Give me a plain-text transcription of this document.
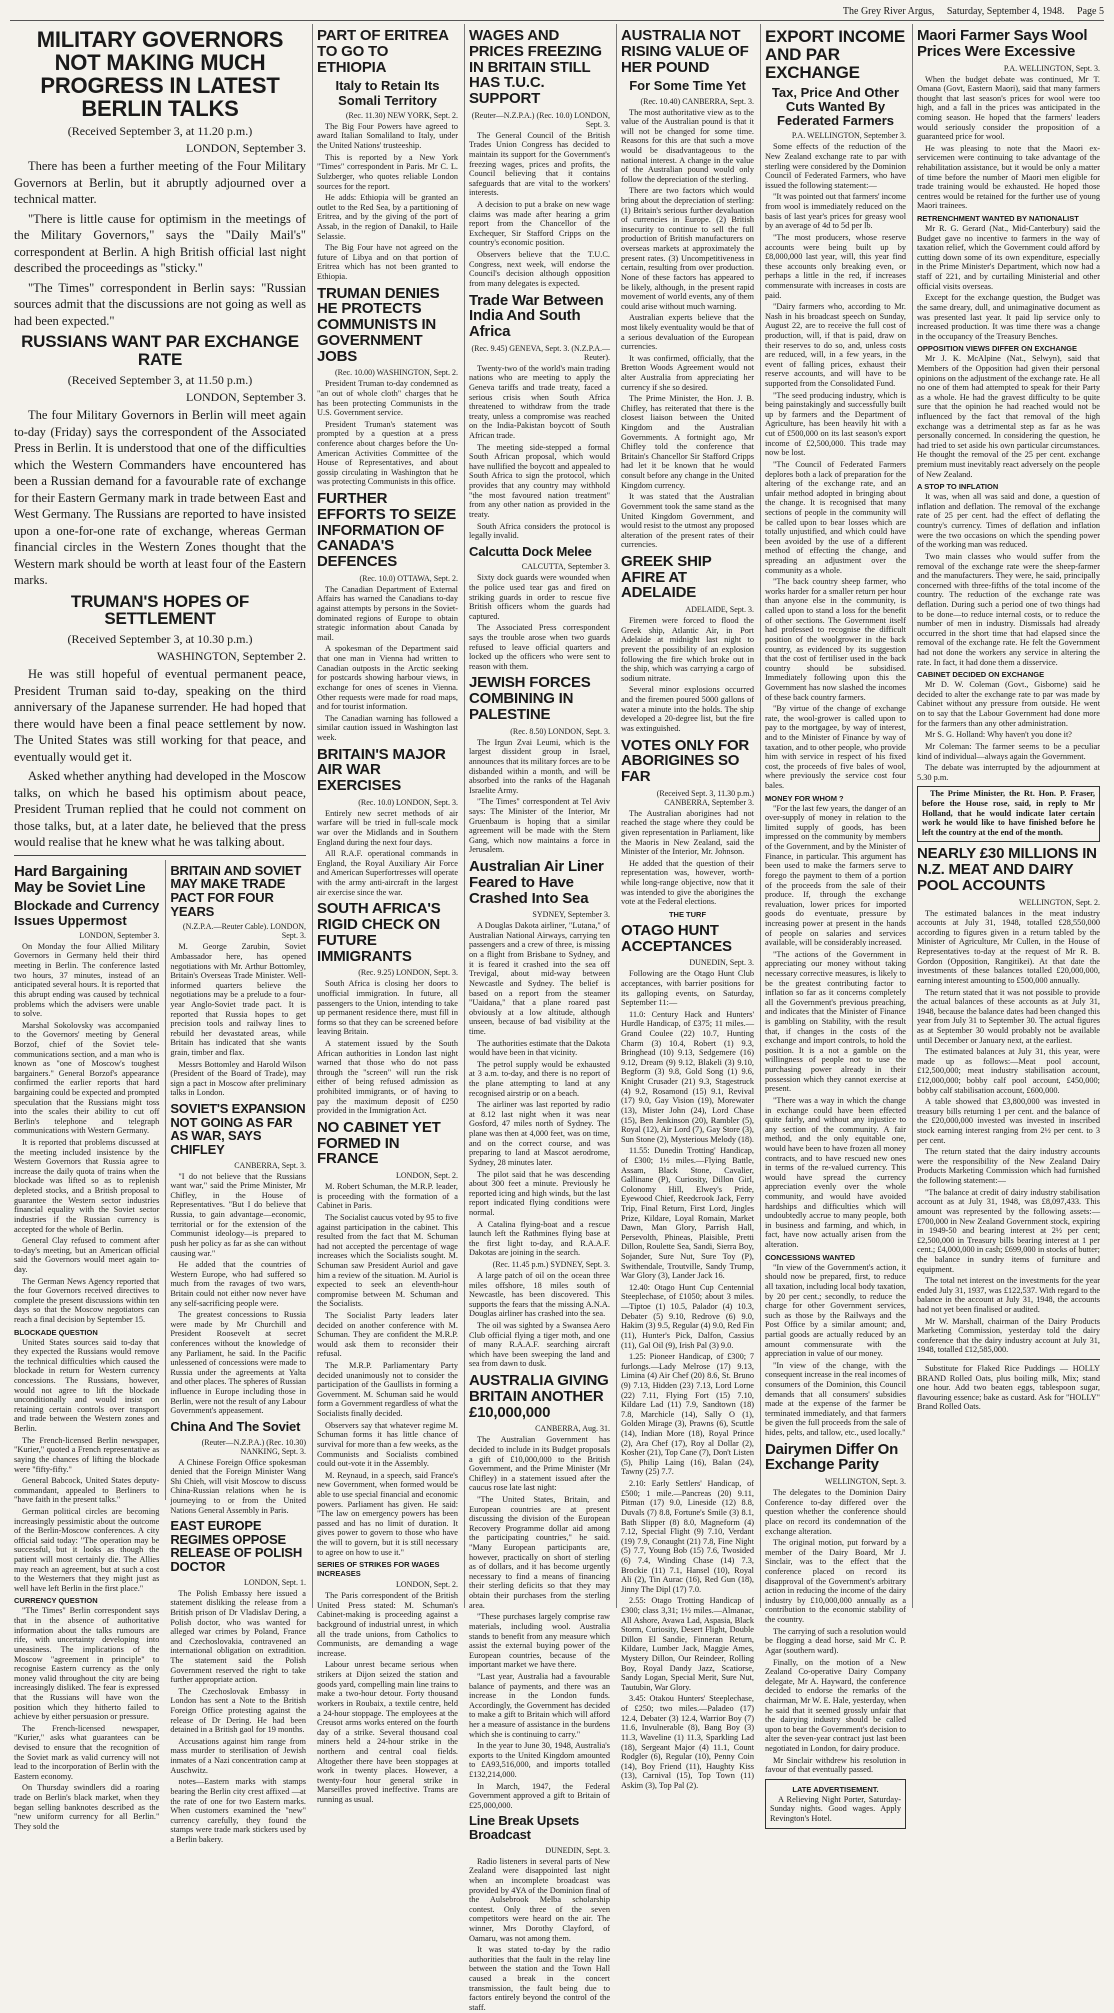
The Grey River Argus, Saturday, September 4, 1948. Page 5
MILITARY GOVERNORS NOT MAKING MUCH PROGRESS IN LATEST BERLIN TALKS
(Received September 3, at 11.20 p.m.)
LONDON, September 3.

There has been a further meeting of the Four Military Governors at Berlin, but it abruptly adjourned over a technical matter.

"There is little cause for optimism in the meetings of the Military Governors," says the "Daily Mail's" correspondent at Berlin. A high British official last night described the proceedings as "sticky."

"The Times" correspondent in Berlin says: "Russian sources admit that the discussions are not going as well as had been expected."

RUSSIANS WANT PAR EXCHANGE RATE
(Received September 3, at 11.50 p.m.)
LONDON, September 3.

The four Military Governors in Berlin will meet again to-day (Friday) says the correspondent of the Associated Press in Berlin. It is understood that one of the difficulties which the Western Commanders have encountered has been a Russian demand for a favourable rate of exchange for their Eastern Germany mark in trade between East and West Germany. The Russians are reported to have insisted upon a one-for-one rate of exchange, whereas German financial circles in the Western Zones thought that the Western mark should be worth at least four of the Eastern marks.

TRUMAN'S HOPES OF SETTLEMENT
(Received September 3, at 10.30 p.m.)
WASHINGTON, September 2.

He was still hopeful of eventual permanent peace, President Truman said to-day, speaking on the third anniversary of the Japanese surrender. He had hoped that there would have been a final peace settlement by now. The United States was still working for that peace, and eventually would get it.

Asked whether anything had developed in the Moscow talks, on which he based his optimism about peace, President Truman replied that he could not comment on those talks, but, at a later date, he believed that the press would realise that he knew what he was talking about.

Hard Bargaining May be Soviet Line
Blockade and Currency Issues Uppermost
LONDON, September 3.

On Monday the four Allied Military Governors in Germany held their third meeting in Berlin. The conference lasted two hours, 37 minutes, instead of an anticipated several hours. It is reported that this abrupt ending was caused by technical problems which the advisers were unable to solve.

Marshal Sokolovsky was accompanied to the Governors' meeting by General Borzof, chief of the Soviet tele-communications section, and a man who is known as "one of Moscow's toughest bargainers." General Borzof's appearance confirmed the earlier reports that hard bargaining could be expected and prompted speculation that the Russians might toss into the scales their ability to cut off Berlin's telephone and telegraph communications with Western Germany.

It is reported that problems discussed at the meeting included insistence by the Western Governors that Russia agree to increase the daily quota of trains when the blockade was lifted so as to replenish depleted stocks, and a British proposal to guarantee the Western sector industries financial equality with the Soviet sector industries if the Russian currency is accepted for the whole of Berlin.

General Clay refused to comment after to-day's meeting, but an American official said the Governors would meet again to-day.

The German News Agency reported that the four Governors received directives to complete the present discussions within ten days so that the Moscow negotiators can reach a final decision by September 15.

BLOCKADE QUESTION

United States sources said to-day that they expected the Russians would remove the technical difficulties which caused the blockade in return for Western currency concessions. The Russians, however, would not agree to lift the blockade unconditionally and would insist on retaining certain controls over transport and trade between the Western zones and Berlin.

The French-licensed Berlin newspaper, "Kurier," quoted a French representative as saying the chances of lifting the blockade were "fifty-fifty."

General Babcock, United States deputy-commandant, appealed to Berliners to "have faith in the present talks."

German political circles are becoming increasingly pessimistic about the outcome of the Berlin-Moscow conferences. A city official said today: "The operation may be successful, but it looks as though the patient will most certainly die. The Allies may reach an agreement, but at such a cost to the Westerners that they might just as well have left Berlin in the first place."

CURRENCY QUESTION

"The Times" Berlin correspondent says that in the absence of authoritative information about the talks rumours are rife, with uncertainty developing into uneasiness. The implications of the Moscow "agreement in principle" to recognise Eastern currency as the only money valid throughout the city are being increasingly disliked. The fear is expressed that the Russians will have won the position which they hitherto failed to achieve by either persuasion or pressure.

The French-licensed newspaper, "Kurier," asks what guarantees can be devised to ensure that the recognition of the Soviet mark as valid currency will not lead to the incorporation of Berlin with the Eastern economy.

On Thursday swindlers did a roaring trade on Berlin's black market, when they began selling banknotes described as the "new uniform currency for all Berlin." They sold the

BRITAIN AND SOVIET MAY MAKE TRADE PACT FOR FOUR YEARS
(N.Z.P.A.—Reuter Cable). LONDON, Sept. 3.

M. George Zarubin, Soviet Ambassador here, has opened negotiations with Mr. Arthur Bottomley, Britain's Overseas Trade Minister. Well-informed quarters believe the negotiations may be a prelude to a four-year Anglo-Soviet trade pact. It is reported that Russia hopes to get precision tools and railway lines to rebuild her devastated areas, while Britain has indicated that she wants grain, timber and flax.

Messrs Bottomley and Harold Wilson (President of the Board of Trade), may sign a pact in Moscow after preliminary talks in London.

SOVIET'S EXPANSION NOT GOING AS FAR AS WAR, SAYS CHIFLEY
CANBERRA, Sept. 3.

"I do not believe that the Russians want war," said the Prime Minister, Mr Chifley, in the House of Representatives. "But I do believe that Russia, to gain advantage—economic, territorial or for the extension of the Communist ideology—is prepared to push her policy as far as she can without causing war."

He added that the countries of Western Europe, who had suffered so much from the ravages of two wars, Britain could not either now never have any self-sacrificing people were.

The greatest concessions to Russia were made by Mr Churchill and President Roosevelt at secret conferences without the knowledge of any Parliament, he said. In the Pacific unlessened of concessions were made to Russia under the agreements at Yalta and other places. The spheres of Russian influence in Europe including those in Berlin, were not the result of any Labour Government's appeasement.

China And The Soviet
(Reuter—N.Z.P.A.) (Rec. 10.30) NANKING, Sept. 3.

A Chinese Foreign Office spokesman denied that the Foreign Minister Wang Shi Chieh, will visit Moscow to discuss China-Russian relations when he is journeying to or from the United Nations General Assembly in Paris.

EAST EUROPE REGIMES OPPOSE RELEASE OF POLISH DOCTOR
LONDON, Sept. 1.

The Polish Embassy here issued a statement disliking the release from a British prison of Dr Vladislav Dering, a Polish doctor, who was wanted for alleged war crimes by Poland, France and Czechoslovakia, contravened an international obligation on extradition. The statement said the Polish Government reserved the right to take further appropriate action.

The Czechoslovak Embassy in London has sent a Note to the British Foreign Office protesting against the release of Dr Dering. He had been detained in a British gaol for 19 months.

Accusations against him range from mass murder to sterilisation of Jewish inmates of a Nazi concentration camp at Auschwitz.

notes—Eastern marks with stamps bearing the Berlin city crest affixed —at the rate of one for two Eastern marks. When customers examined the "new" currency carefully, they found the stamps were trade mark stickers used by a Berlin bakery.

PART OF ERITREA TO GO TO ETHIOPIA
Italy to Retain Its Somali Territory
(Rec. 11.30) NEW YORK, Sept. 2.

The Big Four Powers have agreed to award Italian Somaliland to Italy, under the United Nations' trusteeship.

This is reported by a New York "Times" correspondent in Paris. Mr C. L. Sulzberger, who quotes reliable London sources for the report.

He adds: Ethiopia will be granted an outlet to the Red Sea, by a partitioning of Eritrea, and by the giving of the port of Assab, in the region of Danakil, to Haile Selassie.

The Big Four have not agreed on the future of Libya and on that portion of Eritrea which has not been granted to Ethiopia.

TRUMAN DENIES HE PROTECTS COMMUNISTS IN GOVERNMENT JOBS
(Rec. 10.00) WASHINGTON, Sept. 2.

President Truman to-day condemned as "an out of whole cloth" charges that he has been protecting Communists in the U.S. Government service.

President Truman's statement was prompted by a question at a press conference about charges before the Un-American Activities Committee of the House of Representatives, and about gossip circulating in Washington that he was protecting Communists in this office.

FURTHER EFFORTS TO SEIZE INFORMATION OF CANADA'S DEFENCES
(Rec. 10.0) OTTAWA, Sept. 2.

The Canadian Department of External Affairs has warned the Canadians to-day against attempts by persons in the Soviet-dominated regions of Europe to obtain strategic information about Canada by mail.

A spokesman of the Department said that one man in Vienna had written to Canadian outposts in the Arctic seeking for postcards showing harbour views, in exchange for ones of scenes in Vienna. Other requests were made for road maps, and for tourist information.

The Canadian warning has followed a similar caution issued in Washington last week.

BRITAIN'S MAJOR AIR WAR EXERCISES
(Rec. 10.0) LONDON, Sept. 3.

Entirely new secret methods of air warfare will be tried in full-scale mock war over the Midlands and in Southern England during the next four days.

All R.A.F. operational commands in England, the Royal Auxiliary Air Force and American Superfortresses will operate with the army anti-aircraft in the largest air exercise since the war.

SOUTH AFRICA'S RIGID CHECK ON FUTURE IMMIGRANTS
(Rec. 9.25) LONDON, Sept. 3.

South Africa is closing her doors to unofficial immigration. In future, all passengers to the Union, intending to take up permanent residence there, must fill in forms so that they can be screened before leaving Britain.

A statement issued by the South African authorities in London last night warned that those who do not pass through the "screen" will run the risk either of being refused admission as prohibited immigrants, or of having to pay the maximum deposit of £250 provided in the Immigration Act.

NO CABINET YET FORMED IN FRANCE
LONDON, Sept. 2.

M. Robert Schuman, the M.R.P. leader, is proceeding with the formation of a Cabinet in Paris.

The Socialist caucus voted by 95 to five against participation in the cabinet. This resulted from the fact that M. Schuman had not accepted the percentage of wage increases which the Socialists sought. M. Schuman saw President Auriol and gave him a review of the situation. M. Auriol is expected to seek an eleventh-hour compromise between M. Schuman and the Socialists.

The Socialist Party leaders later decided on another conference with M. Schuman. They are confident the M.R.P. would ask them to reconsider their refusal.

The M.R.P. Parliamentary Party decided unanimously not to consider the participation of the Gaullists in forming a Government. M. Schuman said he would form a Government regardless of what the Socialists finally decided.

Observers say that whatever regime M. Schuman forms it has little chance of survival for more than a few weeks, as the Communists and Socialists combined could out-vote it in the Assembly.

M. Reynaud, in a speech, said France's new Government, when formed would be able to use special financial and economic powers. Parliament has given. He said: "The law on emergency powers has been passed and has no limit of duration. It gives power to govern to those who have the will to govern, but it is still necessary to agree on how to use it."

SERIES OF STRIKES FOR WAGES INCREASES
LONDON, Sept. 2.

The Paris correspondent of the British United Press stated: M. Schuman's Cabinet-making is proceeding against a background of industrial unrest, in which all the trade unions, from Catholics to Communists, are demanding a wage increase.

Labour unrest became serious when strikers at Dijon seized the station and goods yard, compelling main line trains to make a two-hour detour. Forty thousand workers in Roubaix, a textile centre, held a 24-hour stoppage. The employees at the Creusot arms works entered on the fourth day of a strike. Several thousand coal miners held a 24-hour strike in the northern and central coal fields. Altogether there have been stoppages at work in twenty places. However, a twenty-four hour general strike in Marseilles proved ineffective. Trams are running as usual.

WAGES AND PRICES FREEZING IN BRITAIN STILL HAS T.U.C. SUPPORT
(Reuter—N.Z.P.A.) (Rec. 10.0) LONDON, Sept. 3.

The General Council of the British Trades Union Congress has decided to maintain its support for the Government's freezing wages, prices and profits, the Council believing that it contains safeguards that are vital to the workers' interests.

A decision to put a brake on new wage claims was made after hearing a grim report from the Chancellor of the Exchequer, Sir Stafford Cripps on the country's economic position.

Observers believe that the T.U.C. Congress, next week, will endorse the Council's decision although opposition from many delegates is expected.

Trade War Between India And South Africa
(Rec. 9.45) GENEVA, Sept. 3. (N.Z.P.A.—Reuter).

Twenty-two of the world's main trading nations who are meeting to apply the Geneva tariffs and trade treaty, faced a serious crisis when South Africa threatened to withdraw from the trade treaty, unless a compromise was reached on the India-Pakistan boycott of South African trade.

The meeting side-stepped a formal South African proposal, which would have nullified the boycott and appealed to South Africa to sign the protocol, which provides that any country may withhold "the most favoured nation treatment" from any other nation as provided in the treaty.

South Africa considers the protocol is legally invalid.

Calcutta Dock Melee
CALCUTTA, September 3.

Sixty dock guards were wounded when the police used tear gas and fired on striking guards in order to rescue five British officers whom the guards had captured.

The Associated Press correspondent says the trouble arose when two guards refused to leave official quarters and locked up the officers who were sent to reason with them.

JEWISH FORCES COMBINING IN PALESTINE
(Rec. 8.50) LONDON, Sept. 3.

The Irgun Zvai Leumi, which is the largest dissident group in Israel, announces that its military forces are to be disbanded within a month, and will be absorbed into the ranks of the Haganah Israelite Army.

"The Times" correspondent at Tel Aviv says: The Minister of the Interior, Mr Gruenbaum is hoping that a similar agreement will be made with the Stern Gang, which now maintains a force in Jerusalem.

Australian Air Liner Feared to Have Crashed Into Sea
SYDNEY, September 3.

A Douglas Dakota airliner, "Lutana," of Australian National Airways, carrying ten passengers and a crew of three, is missing on a flight from Brisbane to Sydney, and it is feared it crashed into the sea off Trevigal, about mid-way between Newcastle and Sydney. The belief is based on a report from the steamer "Uaidana," that a plane roared past obviously at a low altitude, although unseen, because of bad visibility at the time.

The authorities estimate that the Dakota would have been in that vicinity.

The petrol supply would be exhausted at 3 a.m. to-day, and there is no report of the plane attempting to land at any recognised airstrip or on a beach.

The airliner was last reported by radio at 8.12 last night when it was near Gosford, 47 miles north of Sydney. The plane was then at 4,000 feet, was on time, and on the correct course, and was preparing to land at Mascot aerodrome, Sydney, 28 minutes later.

The pilot said that he was descending about 300 feet a minute. Previously he reported icing and high winds, but the last report indicated flying conditions were normal.

A Catalina flying-boat and a rescue launch left the Rathmines flying base at the first light to-day, and R.A.A.F. Dakotas are joining in the search.

(Rec. 11.45 p.m.) SYDNEY, Sept. 3.

A large patch of oil on the ocean three miles offshore, 18 miles south of Newcastle, has been discovered. This supports the fears that the missing A.N.A. Douglas airliner has crashed into the sea.

The oil was sighted by a Swansea Aero Club official flying a tiger moth, and one of many R.A.A.F. searching aircraft which have been sweeping the land and sea from dawn to dusk.

AUSTRALIA GIVING BRITAIN ANOTHER £10,000,000
CANBERRA, Aug. 31.

The Australian Government has decided to include in its Budget proposals a gift of £10,000,000 to the British Government, and the Prime Minister (Mr Chifley) in a statement issued after the caucus rose late last night:

"The United States, Britain, and European countries are at present discussing the division of the European Recovery Programme dollar aid among the participating countries," he said. "Many European participants are, however, practically on short of sterling as of dollars, and it has become urgently necessary to find a means of financing their sterling deficits so that they may obtain their purchases from the sterling area.

"These purchases largely comprise raw materials, including wool. Australia stands to benefit from any measure which assist the external buying power of the European countries, because of the important market we have there.

"Last year, Australia had a favourable balance of payments, and there was an increase in the London funds. Accordingly, the Government has decided to make a gift to Britain which will afford her a measure of assistance in the burdens which she is continuing to carry."

In the year to June 30, 1948, Australia's exports to the United Kingdom amounted to £A93,516,000, and imports totalled £132,214,000.

In March, 1947, the Federal Government approved a gift to Britain of £25,000,000.

Line Break Upsets Broadcast
DUNEDIN, Sept. 3.

Radio listeners in several parts of New Zealand were disappointed last night when an incomplete broadcast was provided by 4YA of the Dominion final of the Aulsebrook Melba scholarship contest. Only three of the seven competitors were heard on the air. The winner, Mrs Dorothy Clayford, of Oamaru, was not among them.

It was stated to-day by the radio authorities that the fault in the relay line between the station and the Town Hall caused a break in the concert transmission, the fault being due to factors entirely beyond the control of the staff.

AUSTRALIA NOT RISING VALUE OF HER POUND
For Some Time Yet
(Rec. 10.40) CANBERRA, Sept. 3.

The most authoritative view as to the value of the Australian pound is that it will not be changed for some time. Reasons for this are that such a move would be disadvantageous to the national interest. A change in the value of the Australian pound would only follow the depreciation of the sterling.

There are two factors which would bring about the depreciation of sterling: (1) Britain's serious further devaluation of currencies in Europe. (2) British insecurity to continue to sell the full production of British manufacturers on overseas markets at approximately the present rates. (3) Uncompetitiveness in certain, resulting from over production. None of these factors has appeared to be likely, although, in the present rapid movement of world events, any of them could arise without much warning.

Australian experts believe that the most likely eventuality would be that of a serious devaluation of the European currencies.

It was confirmed, officially, that the Bretton Woods Agreement would not alter Australia from appreciating her currency if she so desired.

The Prime Minister, the Hon. J. B. Chifley, has reiterated that there is the closest liaison between the United Kingdom and the Australian Governments. A fortnight ago, Mr Chifley told the conference that Britain's Chancellor Sir Stafford Cripps had let it be known that he would consult before any change in the United Kingdom currency.

It was stated that the Australian Government took the same stand as the United Kingdom Government, and would resist to the utmost any proposed alteration of the present rates of their currencies.

GREEK SHIP AFIRE AT ADELAIDE
ADELAIDE, Sept. 3.

Firemen were forced to flood the Greek ship, Atlantic Air, in Port Adelaide at midnight last night to prevent the possibility of an explosion following the fire which broke out in the ship, which was carrying a cargo of sodium nitrate.

Several minor explosions occurred and the firemen poured 5000 gallons of water a minute into the holds. The ship developed a 20-degree list, but the fire was extinguished.

VOTES ONLY FOR ABORIGINES SO FAR
(Received Sept. 3, 11.30 p.m.) CANBERRA, September 3.

The Australian aborigines had not reached the stage where they could be given representation in Parliament, like the Maoris in New Zealand, said the Minister of the Interior, Mr. Johnson.

He added that the question of their representation was, however, worth-while long-range objective, now that it was intended to give the aborigines the vote at the Federal elections.

THE TURF
OTAGO HUNT ACCEPTANCES
DUNEDIN, Sept. 3.

Following are the Otago Hunt Club acceptances, with barrier positions for its galloping events, on Saturday, September 11:—

11.0: Century Hack and Hunters' Hurdle Handicap, of £375; 11 miles.—Grand Coulee (22) 10.7, Hunting Charm (3) 10.4, Robert (1) 9.3, Bringhead (10) 9.13, Sedgemere (16) 9.12, Dream (9) 9.12, Blakeli (3) 9.10, Begform (3) 9.8, Gold Song (1) 9.6, Knight Crusader (21) 9.3, Stagestruck (4) 9.2, Rosamond (15) 9.1, Revival (17) 9.0, Gay Vision (19), Morewater (13), Mister John (24), Lord Chase (15), Ben Jenkinson (20), Rambler (5), Royal (12), Air Lord (7), Gay Store (3), Sun Stone (2), Mysterious Melody (18).

11.55: Dunedin Trotting' Handicap, of £300; 1½ miles.—Flying Battle, Assam, Black Stone, Cavalier, Gallinane (P), Curiosity, Dillon Girl, Colonomy Hill, Elwey's Pride, Eyewood Chief, Reedcrook Jack, Ferry Trip, Final Return, First Lord, Jingles Prize, Kildare, Loyal Romain, Market Dawn, Man Glory, Parrish Hall, Persevolth, Phineas, Plaisible, Pretti Dillon, Roulette Sea, Sandi, Sierra Boy, Sojander, Sure Nut, Sure Toy (P), Swithendale, Troutville, Sandy Trump, War Glory (3), Lander Jack 16.

12.40: Otago Hunt Cup Centennial Steeplechase, of £1050; about 3 miles.—Tiptoe (1) 10.5, Palador (4) 10.3, Debater (5) 9.10, Redrove (6) 9.0, Hakim (3) 9.5, Regular (4) 9.0, Red Fin (11), Hunter's Pick, Dalfon, Cassius (11), Gal Oil (9), Irish Pal (3) 9.0.

1.25: Pioneer Handicap, of £300; 7 furlongs.—Lady Melrose (17) 9.13, Limina (4) Air Chef (20) 8.6, St. Bruno (9) 7.13, Hidden (23) 7.13, Lord Lorne (22) 7.11, Flying Fort (15) 7.10, Kildare Lad (11) 7.9, Sandtown (18) 7.8, Marchicle (14), Sally O (1), Golden Mirage (3), Prawns (6), Scuttle (14), Indian More (18), Royal Prince (2), Ara Chef (17), Roy al Dollar (2), Kosher (21), Top Cane (7), Don't Listen (5), Philip Laing (16), Balan (24), Tawny (25) 7.7.

2.10: Early Settlers' Handicap, of £500; 1 mile.—Pancreas (20) 9.11, Pitman (17) 9.0, Lineside (12) 8.8, Duvals (7) 8.8, Fortune's Smile (3) 8.1, Bath Slipper (8) 8.0, Magneform (4) 7.12, Special Flight (9) 7.10, Verdant (19) 7.9, Conaught (21) 7.8, Fine Night (5) 7.7, Young Bob (15) 7.6, Twosided (6) 7.4, Winding Chase (14) 7.3, Brockie (11) 7.1, Hansel (10), Royal Ali (2), Tin Aurac (16), Red Gun (18), Jinny The Dipl (17) 7.0.

2.55: Otago Trotting Handicap of £300; class 3,31; 1½ miles.—Almanac, All Ashore, Avawa Lad, Aspasia, Black Storm, Curiosity, Desert Flight, Double Dillon El Sandie, Finneran Return, Kildare, Lumber Jack, Maggie Ames, Mystery Dillon, Our Reindeer, Rolling Boy, Royal Dandy Jazz, Scatiorse, Sandy Logan, Special Merit, Sure Nut, Tautubin, War Glory.

3.45: Otakou Hunters' Steeplechase, of £250; two miles.—Paladeo (17) 12.4, Debater (3) 12.4, Warrior Boy (7) 11.6, Invulnerable (8), Bang Boy (3) 11.3, Waveline (1) 11.3, Sparkling Lad (18), Sergeant Major (4) 11.1, Count Rodgler (6), Regular (10), Penny Coin (14), Boy Friend (11), Haughty Kiss (13), Carnival (15), Top Town (11) Askim (3), Top Pal (2).

EXPORT INCOME AND PAR EXCHANGE
Tax, Price And Other Cuts Wanted By Federated Farmers
P.A. WELLINGTON, September 3.

Some effects of the reduction of the New Zealand exchange rate to par with sterling were considered by the Dominion Council of Federated Farmers, who have issued the following statement:—

"It was pointed out that farmers' income from wool is immediately reduced on the basis of last year's prices for greasy wool by an average of 4d to 5d per lb.

"The most producers, whose reserve accounts were being built up by £8,000,000 last year, will, this year find these accounts only breaking even, or perhaps a little in the red, if increases commensurate with increases in costs are paid.

"Dairy farmers who, according to Mr. Nash in his broadcast speech on Sunday, August 22, are to receive the full cost of production, will, if that is paid, draw on their reserves to do so, and, unless costs are reduced, will, in a few years, in the event of falling prices, exhaust their reserve accounts, and will have to be supported from the Consolidated Fund.

"The seed producing industry, which is being painstakingly and successfully built up by farmers and the Department of Agriculture, has been heavily hit with a cut of £500,000 on its last season's export income of £2,500,000. This trade may now be lost.

"The Council of Federated Farmers deplores both a lack of preparation for the altering of the exchange rate, and an unfair method adopted in bringing about the change. It is recognised that many sections of people in the community will be called upon to bear losses which are totally unjustified, and which could have been avoided by the use of a different method of effecting the change, and spreading an adjustment over the community as a whole.

"The back country sheep farmer, who works harder for a smaller return per hour than anyone else in the community, is called upon to stand a loss for the benefit of other sections. The Government itself had professed to recognise the difficult position of the woolgrower in the back country, as evidenced by its suggestion that the cost of fertiliser used in the back country should be subsidised. Immediately following upon this the Government has now slashed the incomes of these back country farmers.

"By virtue of the change of exchange rate, the wool-grower is called upon to pay to the mortgagee, by way of interest, and to the Minister of Finance by way of taxation, and to other people, who provide him with service in respect of his fixed cost, the proceeds of five bales of wool, where previously the service cost four bales.

MONEY FOR WHOM ?

"For the last few years, the danger of an over-supply of money in relation to the limited supply of goods, has been impressed on the community by members of the Government, and by the Minister of Finance, in particular. This argument has been used to make the farmers serve to forego the payment to them of a portion of the proceeds from the sale of their produce. If, through the exchange revaluation, lower prices for imported goods do eventuate, pressure by increasing power at present in the hands of people on salaries and services available, will be considerably increased.

"The actions of the Government in appreciating our money without taking necessary corrective measures, is likely to be the greatest contributing factor to inflation so far as it concerns completely all the Government's previous preaching, and indicates that the Minister of Finance is gambling on Stability, with the result that, if changes in the costs of the exchange and import controls, to hold the position. It is a not a gamble on the willingness of people not to use the purchasing power already in their possession which they cannot exercise at present.

"There was a way in which the change in exchange could have been effected quite fairly, and without any injustice to any section of the community. A fair method, and the only equitable one, would have been to have frozen all money contracts, and to have rescued new ones in terms of the re-valued currency. This would have spread the currency appreciation evenly over the whole community, and would have avoided hardships and difficulties which will undoubtedly accrue to many people, both in business and farming, and which, in fact, have now actually arisen from the alteration.

CONCESSIONS WANTED

"In view of the Government's action, it should now be prepared, first, to reduce all taxation, including local body taxation, by 20 per cent.; secondly, to reduce the charge for other Government services, such as those by the Railways and the Post Office by a similar amount; and, partial goods are actually reduced by an amount commensurate with the appreciation in value of our money.

"In view of the change, with the consequent increase in the real incomes of consumers of the Dominion, this Council demands that all consumers' subsidies made at the expense of the farmer be terminated immediately, and that farmers be given the full proceeds from the sale of hides, pelts, and tallow, etc., used locally."

Dairymen Differ On Exchange Parity
WELLINGTON, Sept. 3.

The delegates to the Dominion Dairy Conference to-day differed over the question whether the conference should place on record its condemnation of the exchange alteration.

The original motion, put forward by a member of the Dairy Board, Mr J. Sinclair, was to the effect that the conference placed on record its disapproval of the Government's arbitrary action in reducing the income of the dairy industry by £10,000,000 annually as a contribution to the economic stability of the country.

The carrying of such a resolution would be flogging a dead horse, said Mr C. P. Agar (southern ward).

Finally, on the motion of a New Zealand Co-operative Dairy Company delegate, Mr A. Hayward, the conference decided to endorse the remarks of the chairman, Mr W. E. Hale, yesterday, when he said that it seemed grossly unfair that the dairying industry should be called upon to bear the Government's decision to alter the seven-year contract just last been negotiated in London, for dairy produce.

Mr Sinclair withdrew his resolution in favour of that eventually passed.

LATE ADVERTISEMENT.

A Relieving Night Porter, Saturday-Sunday nights. Good wages. Apply Revington's Hotel.

Maori Farmer Says Wool Prices Were Excessive
P.A. WELLINGTON, Sept. 3.

When the budget debate was continued, Mr T. Omana (Govt, Eastern Maori), said that many farmers thought that last season's prices for wool were too high, and a fall in the prices was anticipated in the coming season. He hoped that the farmers' leaders would seriously consider the proposition of a guaranteed price for wool.

He was pleasing to note that the Maori ex-servicemen were continuing to take advantage of the rehabilitation assistance, but it would be only a matter of time before the number of Maori men eligible for trade training would be exhausted. He hoped those centres would be retained for the further use of young Maori trainees.

RETRENCHMENT WANTED BY NATIONALIST

Mr R. G. Gerard (Nat., Mid-Canterbury) said the Budget gave no incentive to farmers in the way of taxation relief, which the Government could afford by cutting down some of its own expenditure, especially in the Prime Minister's Department, which now had a staff of 221, and by curtailing Ministerial and other official visits overseas.

Except for the exchange question, the Budget was the same dreary, dull, and unimaginative document as was presented last year. It paid lip service only to increased production. It was time there was a change in the occupancy of the Treasury Benches.

OPPOSITION VIEWS DIFFER ON EXCHANGE

Mr J. K. McAlpine (Nat., Selwyn), said that Members of the Opposition had given their personal opinions on the adjustment of the exchange rate. He all no one of them had attempted to speak for their Party as a whole. He had the gravest difficulty to be quite sure that the opinion he had reached would not be influenced by the fact that removal of the high exchange was a detrimental step as far as he was personally concerned. In considering the question, he had tried to set aside his own particular circumstances. He thought the removal of the 25 per cent. exchange premium must inevitably react adversely on the people of New Zealand.

A STOP TO INFLATION

It was, when all was said and done, a question of inflation and deflation. The removal of the exchange rate of 25 per cent. had the effect of deflating the country's currency. Times of deflation and inflation were the two occasions on which the spending power of the working man was reduced.

Two main classes who would suffer from the removal of the exchange rate were the sheep-farmer and the manufacturers. They were, he said, principally concerned with three-fifths of the total income of the country. The reduction of the exchange rate was deflation. During such a period one of two things had to be done—to reduce internal costs, or to reduce the number of men in industry. Dismissals had already occurred in the short time that had elapsed since the removal of the exchange rate. He felt the Government had not done the workers any service in altering the rate. In fact, it had done them a disservice.

CABINET DECIDED ON EXCHANGE

Mr D. W. Coleman (Govt., Gisborne) said he decided to alter the exchange rate to par was made by Cabinet without any pressure from outside. He went on to say that the Labour Government had done more for the farmers than any other administration.

Mr S. G. Holland: Why haven't you done it?

Mr Coleman: The farmer seems to be a peculiar kind of individual—always again the Government.

The debate was interrupted by the adjournment at 5.30 p.m.

The Prime Minister, the Rt. Hon. P. Fraser, before the House rose, said, in reply to Mr Holland, that he would indicate later certain work he would like to have finished before he left the country at the end of the month.

NEARLY £30 MILLIONS IN N.Z. MEAT AND DAIRY POOL ACCOUNTS
WELLINGTON, Sept. 2.

The estimated balances in the meat industry accounts at July 31, 1948, totalled £28,550,000 according to figures given in a return tabled by the Minister of Agriculture, Mr Cullen, in the House of Representatives to-day at the request of Mr R. B. Gordon (Opposition, Rangitikei). At that date the investments of these balances totalled £20,000,000, earning interest amounting to £500,000 annually.

The return stated that it was not possible to provide the actual balances of these accounts as at July 31, 1948, because the balance dates had been changed this year from July 31 to September 30. The actual figures as at September 30 would probably not be available until December or January next, at the earliest.

The estimated balances at July 31, this year, were made up as follows:—Meat pool account, £12,500,000; meat industry stabilisation account, £12,000,000; bobby calf pool account, £450,000; bobby calf stabilisation account, £600,000.

A table showed that £3,800,000 was invested in treasury bills returning 1 per cent. and the balance of the £20,000,000 invested was invested in inscribed stock earning interest ranging from 2½ per cent. to 3 per cent.

The return stated that the dairy industry accounts were the responsibility of the New Zealand Dairy Products Marketing Commission which had furnished the following statement:—

"The balance at credit of dairy industry stabilisation account as at July 31, 1948, was £8,097,433. This amount was represented by the following assets:—£700,000 in New Zealand Government stock, expiring in 1949-50 and bearing interest at 2½ per cent; £2,500,000 in Treasury bills bearing interest at 1 per cent.; £4,000,000 in cash; £699,000 in stocks of butter; the balance in sundry items of furniture and equipment.

The total net interest on the investments for the year ended July 31, 1937, was £122,537. With regard to the balance in the account at July 31, 1948, the accounts had not yet been finalised or audited.

Mr W. Marshall, chairman of the Dairy Products Marketing Commission, yesterday told the dairy conference that the dairy industry account at July 31, 1948, totalled £12,585,000.

Substitute for Flaked Rice Puddings — HOLLY BRAND Rolled Oats, plus boiling milk, Mix; stand one hour. Add two beaten eggs, tablespoon sugar, flavouring essence; bake as custard. Ask for "HOLLY" Brand Rolled Oats.
